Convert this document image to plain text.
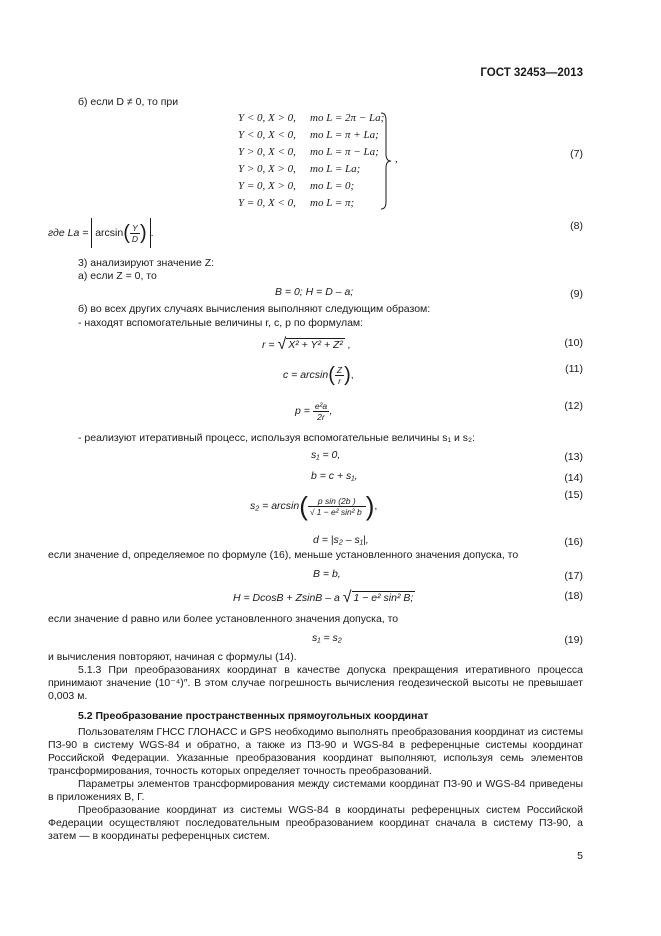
ГОСТ 32453—2013
б) если D ≠ 0, то при
Y < 0, X > 0, то L = 2π − La;
Y < 0, X < 0, то L = π + La;
Y > 0, X < 0, то L = π − La;
Y > 0, X > 0, то L = La;
Y = 0, X > 0, то L = 0;
Y = 0, X < 0, то L = π;
,	(7)
где $La = \arcsin( \frac{Y}{D}$ ) .
(8)
3) анализируют значение Z:
а) если Z = 0, то
B = 0; H = D – a;	(9)
б) во всех других случаях вычисления выполняют следующим образом:
- находят вспомогательные величины r, c, p по формулам:
r = √ X² + Y² + Z² ,	(10)
$c = \arcsin( \frac{Z}{r}$ ),	(11)
$p = \frac{\text{e²a}}{2r}$ ,	(12)
- реализуют итеративный процесс, используя вспомогательные величины s₁ и s₂:
s₁ = 0,	(13)
b = c + s₁,	(14)
$s_2 = \arcsin( \frac{\text{p sin (2b )}}{\text{√ 1 − e² sin² b}}$ ),
(15)
d = |s₂ – s₁|,	(16)
если значение d, определяемое по формуле (16), меньше установленного значения допуска, то
B = b,	(17)
H = DcosB + ZsinB – a √ 1 − e² sin² B;	(18)
если значение d равно или более установленного значения допуска, то
s₁ = s₂	(19)
и вычисления повторяют, начиная с формулы (14).
5.1.3 При преобразованиях координат в качестве допуска прекращения итеративного процесса принимают значение (10⁻⁴)″. В этом случае погрешность вычисления геодезической высоты не превышает 0,003 м.
5.2 Преобразование пространственных прямоугольных координат
Пользователям ГНСС ГЛОНАСС и GPS необходимо выполнять преобразования координат из системы ПЗ-90 в систему WGS-84 и обратно, а также из ПЗ-90 и WGS-84 в референцные системы координат Российской Федерации. Указанные преобразования координат выполняют, используя семь элементов трансформирования, точность которых определяет точность преобразований.
Параметры элементов трансформирования между системами координат ПЗ-90 и WGS-84 приведены в приложениях В, Г.
Преобразование координат из системы WGS-84 в координаты референцных систем Российской Федерации осуществляют последовательным преобразованием координат сначала в систему ПЗ-90, а затем — в координаты референцных систем.
5
